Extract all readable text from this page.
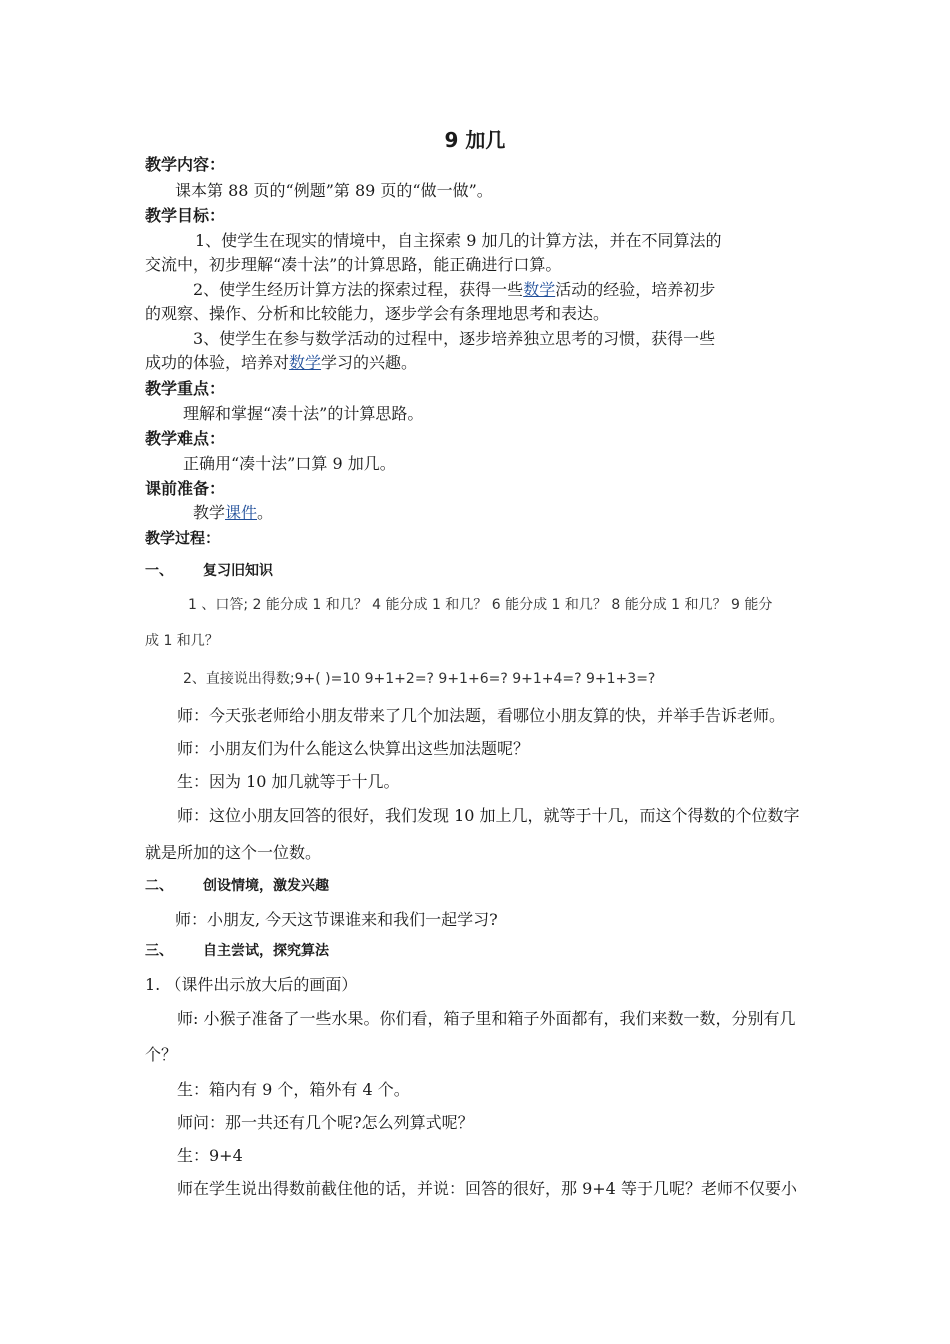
9 加几
教学内容：
课本第 88 页的“例题”第 89 页的“做一做”。
教学目标：
1、使学生在现实的情境中，自主探索 9 加几的计算方法，并在不同算法的
交流中，初步理解“凑十法”的计算思路，能正确进行口算。
2、使学生经历计算方法的探索过程，获得一些数学活动的经验，培养初步
的观察、操作、分析和比较能力，逐步学会有条理地思考和表达。
3、使学生在参与数学活动的过程中，逐步培养独立思考的习惯，获得一些
成功的体验，培养对数学学习的兴趣。
教学重点：
理解和掌握“凑十法”的计算思路。
教学难点：
正确用“凑十法”口算 9 加几。
课前准备：
教学课件。
教学过程：
一、 复习旧知识
1 、口答; 2 能分成 1 和几？ 4 能分成 1 和几？ 6 能分成 1 和几？ 8 能分成 1 和几？ 9 能分
成 1 和几？
2、直接说出得数;9+( )=10 9+1+2=? 9+1+6=? 9+1+4=? 9+1+3=?
师：今天张老师给小朋友带来了几个加法题，看哪位小朋友算的快，并举手告诉老师。
师：小朋友们为什么能这么快算出这些加法题呢？
生：因为 10 加几就等于十几。
师：这位小朋友回答的很好，我们发现 10 加上几，就等于十几，而这个得数的个位数字
就是所加的这个一位数。
二、 创设情境，激发兴趣
师：小朋友, 今天这节课谁来和我们一起学习?
三、 自主尝试，探究算法
1. （课件出示放大后的画面）
师: 小猴子准备了一些水果。你们看，箱子里和箱子外面都有，我们来数一数，分别有几
个？
生：箱内有 9 个，箱外有 4 个。
师问：那一共还有几个呢?怎么列算式呢？
生：9+4
师在学生说出得数前截住他的话，并说：回答的很好，那 9+4 等于几呢？老师不仅要小
